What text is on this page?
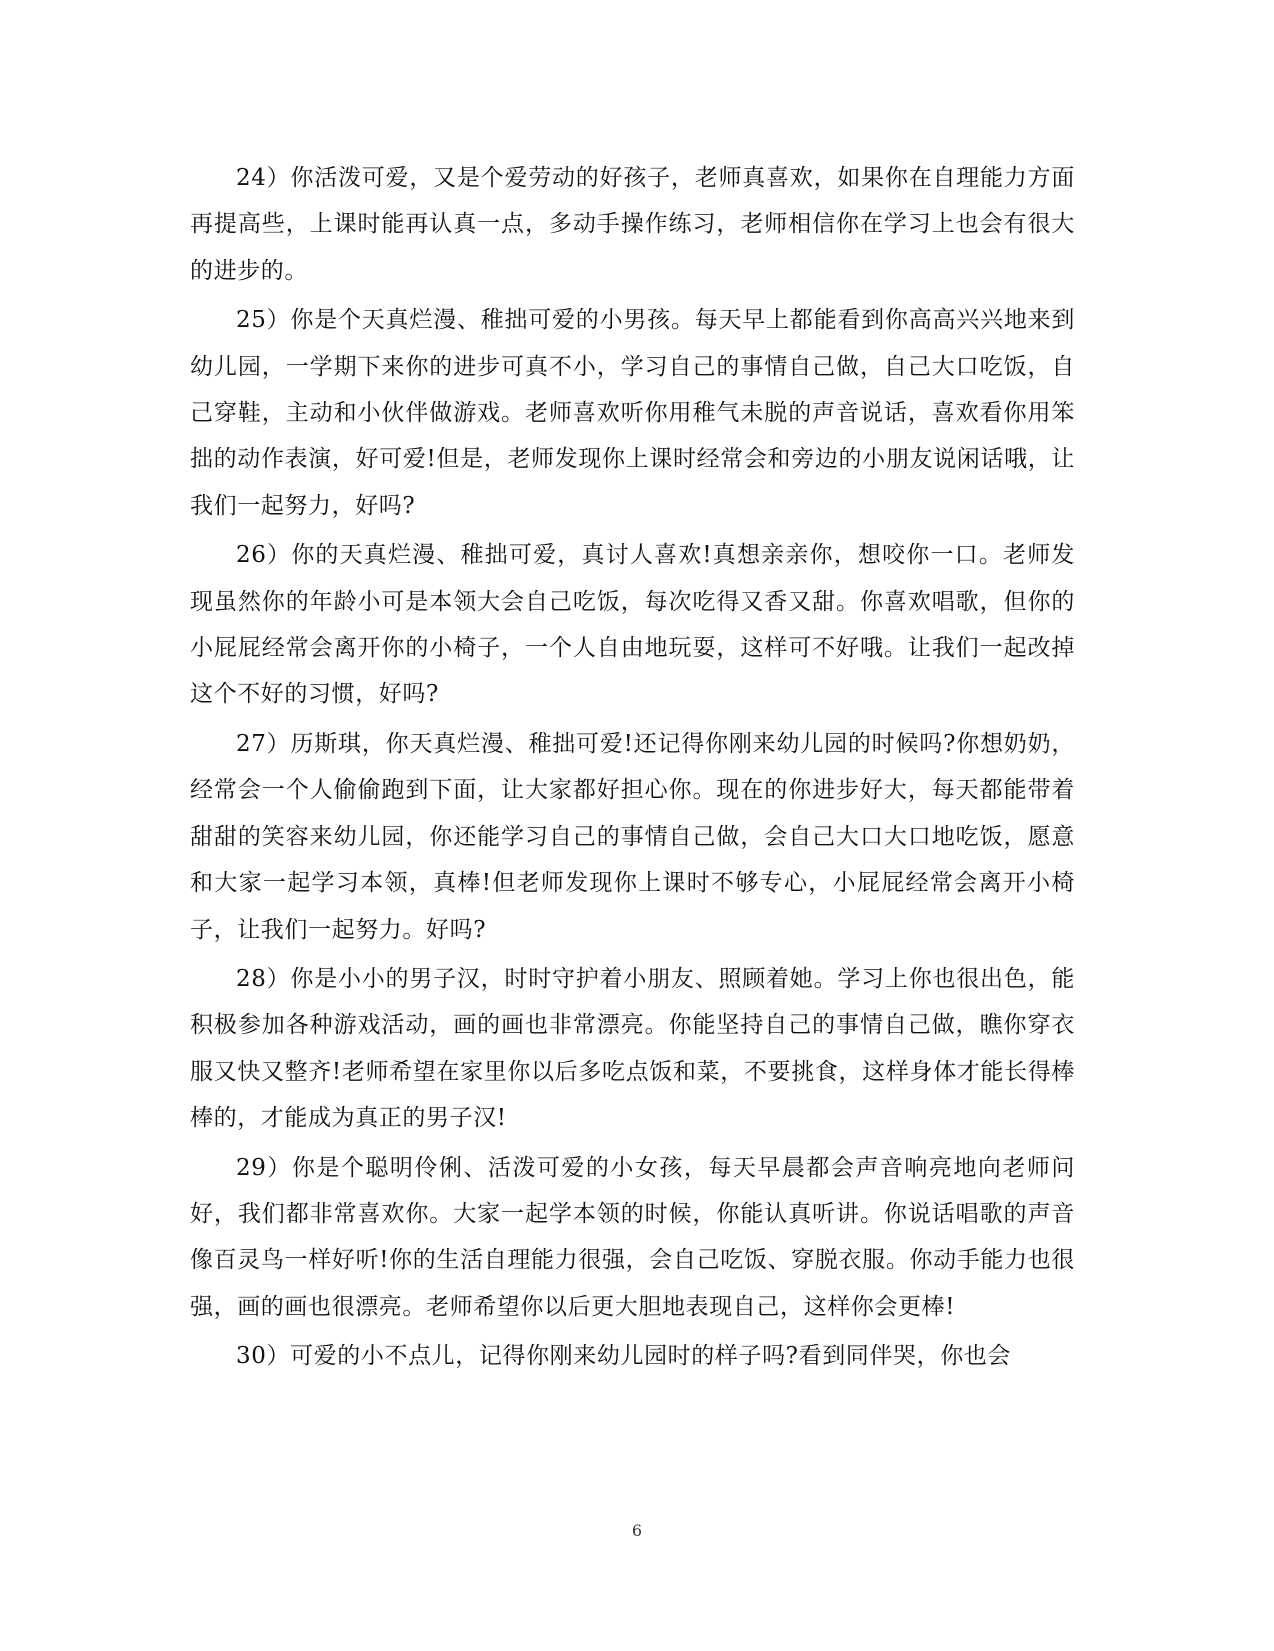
24）你活泼可爱，又是个爱劳动的好孩子，老师真喜欢，如果你在自理能力方面再提高些，上课时能再认真一点，多动手操作练习，老师相信你在学习上也会有很大的进步的。

25）你是个天真烂漫、稚拙可爱的小男孩。每天早上都能看到你高高兴兴地来到幼儿园，一学期下来你的进步可真不小，学习自己的事情自己做，自己大口吃饭，自己穿鞋，主动和小伙伴做游戏。老师喜欢听你用稚气未脱的声音说话，喜欢看你用笨拙的动作表演，好可爱!但是，老师发现你上课时经常会和旁边的小朋友说闲话哦，让我们一起努力，好吗?

26）你的天真烂漫、稚拙可爱，真讨人喜欢!真想亲亲你，想咬你一口。老师发现虽然你的年龄小可是本领大会自己吃饭，每次吃得又香又甜。你喜欢唱歌，但你的小屁屁经常会离开你的小椅子，一个人自由地玩耍，这样可不好哦。让我们一起改掉这个不好的习惯，好吗?

27）历斯琪，你天真烂漫、稚拙可爱!还记得你刚来幼儿园的时候吗?你想奶奶，经常会一个人偷偷跑到下面，让大家都好担心你。现在的你进步好大，每天都能带着甜甜的笑容来幼儿园，你还能学习自己的事情自己做，会自己大口大口地吃饭，愿意和大家一起学习本领，真棒!但老师发现你上课时不够专心，小屁屁经常会离开小椅子，让我们一起努力。好吗?

28）你是小小的男子汉，时时守护着小朋友、照顾着她。学习上你也很出色，能积极参加各种游戏活动，画的画也非常漂亮。你能坚持自己的事情自己做，瞧你穿衣服又快又整齐!老师希望在家里你以后多吃点饭和菜，不要挑食，这样身体才能长得棒棒的，才能成为真正的男子汉!

29）你是个聪明伶俐、活泼可爱的小女孩，每天早晨都会声音响亮地向老师问好，我们都非常喜欢你。大家一起学本领的时候，你能认真听讲。你说话唱歌的声音像百灵鸟一样好听!你的生活自理能力很强，会自己吃饭、穿脱衣服。你动手能力也很强，画的画也很漂亮。老师希望你以后更大胆地表现自己，这样你会更棒!

30）可爱的小不点儿，记得你刚来幼儿园时的样子吗?看到同伴哭，你也会

6
